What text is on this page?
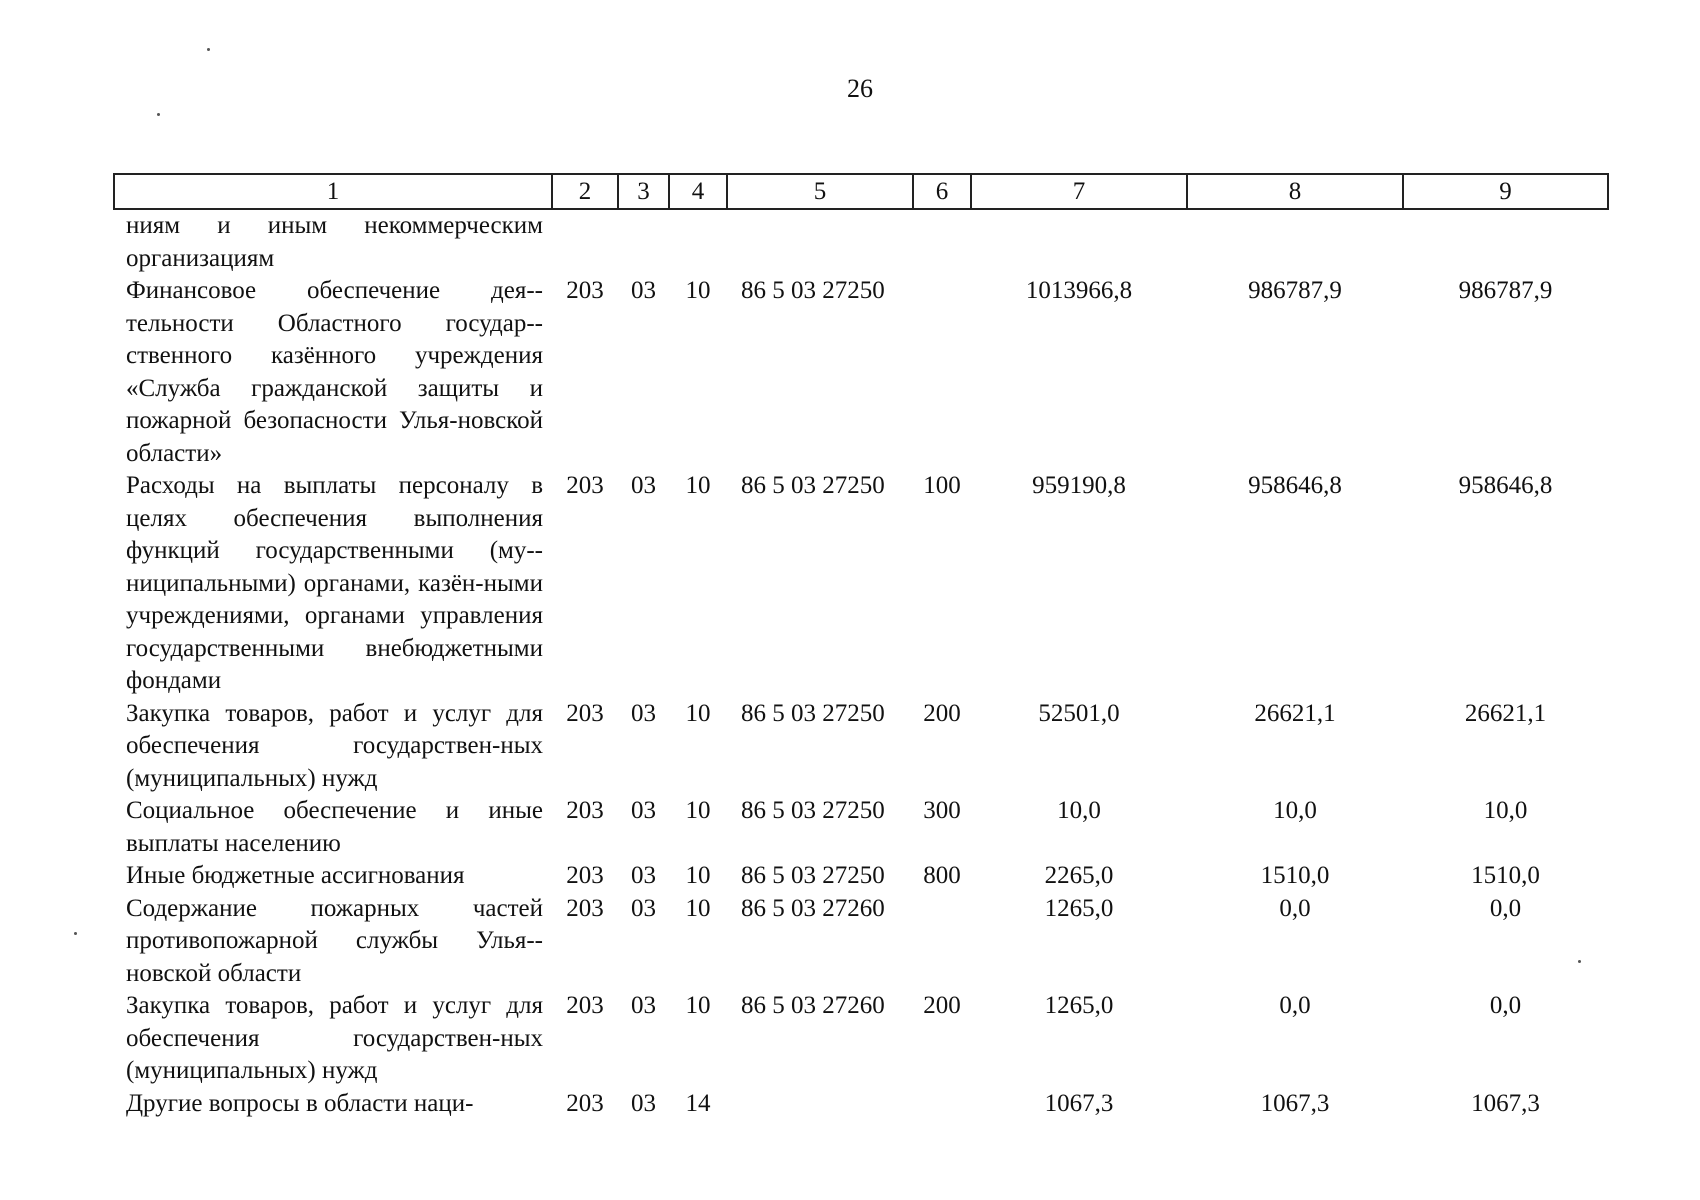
26
1	2	3	4	5	6	7	8	9
ниям и иным некоммерческим организациям								
Финансовое обеспечение дея-тельности Областного государ-ственного казённого учреждения «Служба гражданской защиты и пожарной безопасности Улья-новской области»	203	03	10	86 5 03 27250		1013966,8	986787,9	986787,9
Расходы на выплаты персоналу в целях обеспечения выполнения функций государственными (му-ниципальными) органами, казён-ными учреждениями, органами управления государственными внебюджетными фондами	203	03	10	86 5 03 27250	100	959190,8	958646,8	958646,8
Закупка товаров, работ и услуг для обеспечения государствен-ных (муниципальных) нужд	203	03	10	86 5 03 27250	200	52501,0	26621,1	26621,1
Социальное обеспечение и иные выплаты населению	203	03	10	86 5 03 27250	300	10,0	10,0	10,0
Иные бюджетные ассигнования	203	03	10	86 5 03 27250	800	2265,0	1510,0	1510,0
Содержание пожарных частей противопожарной службы Улья-новской области	203	03	10	86 5 03 27260		1265,0	0,0	0,0
Закупка товаров, работ и услуг для обеспечения государствен-ных (муниципальных) нужд	203	03	10	86 5 03 27260	200	1265,0	0,0	0,0
Другие вопросы в области наци-	203	03	14			1067,3	1067,3	1067,3
